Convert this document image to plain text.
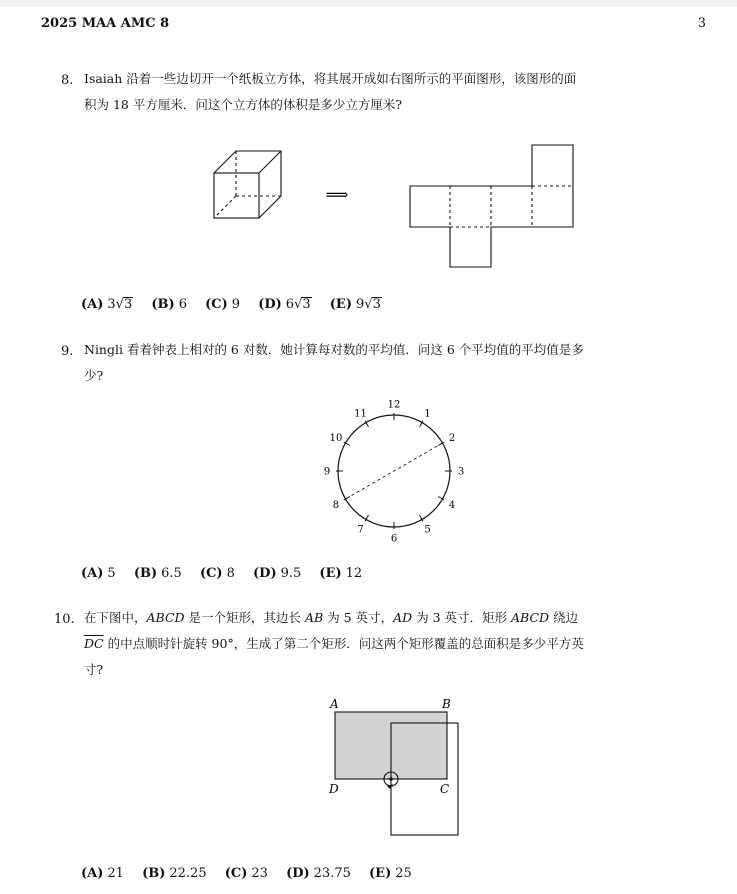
2025 MAA AMC 8	3
8. Isaiah 沿着一些边切开一个纸板立方体，将其展开成如右图所示的平面图形，该图形的面
积为 18 平方厘米．问这个立方体的体积是多少立方厘米?
⟹
(A) 3√3 (B) 6 (C) 9 (D) 6√3 (E) 9√3
9. Ningli 看着钟表上相对的 6 对数．她计算每对数的平均值．问这 6 个平均值的平均值是多
少?
12
1
2
3
4
5
6
7
8
9
10
11
(A) 5 (B) 6.5 (C) 8 (D) 9.5 (E) 12
10. 在下图中，ABCD 是一个矩形，其边长 AB 为 5 英寸，AD 为 3 英寸．矩形 ABCD 绕边
$\overline{DC}$ 的中点顺时针旋转 90°，生成了第二个矩形．问这两个矩形覆盖的总面积是多少平方英
寸?
A	B
C
D
(A) 21 (B) 22.25 (C) 23 (D) 23.75 (E) 25
